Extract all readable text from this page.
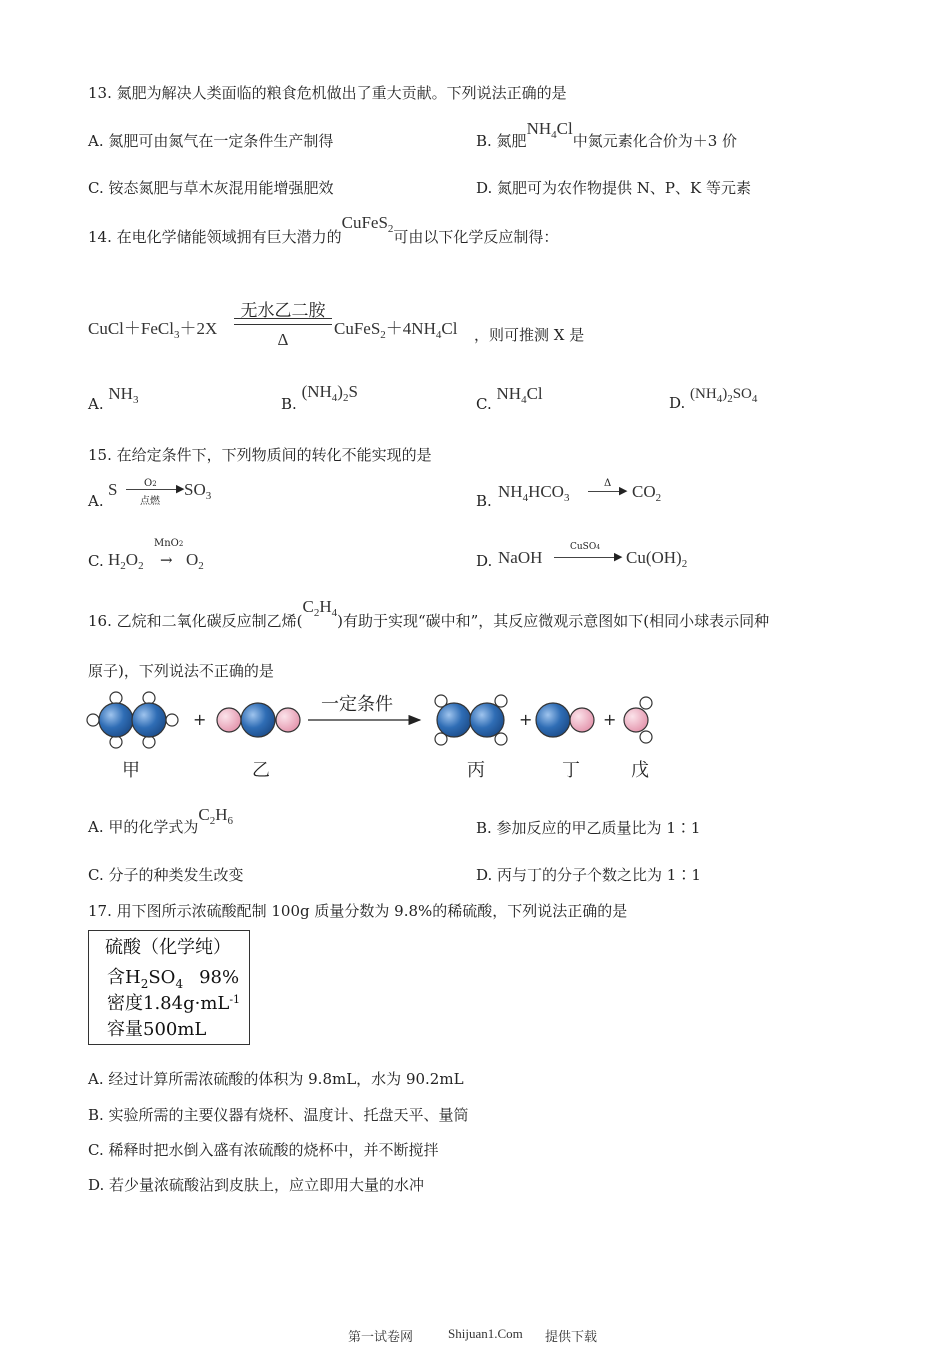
13. 氮肥为解决人类面临的粮食危机做出了重大贡献。下列说法正确的是
A. 氮肥可由氮气在一定条件生产制得	B. 氮肥$NH_4Cl$中氮元素化合价为＋3 价
C. 铵态氮肥与草木灰混用能增强肥效	D. 氮肥可为农作物提供 N、P、K 等元素
14. 在电化学储能领域拥有巨大潜力的CuFeS$_2$可由以下化学反应制得：
CuCl＋FeCl$_3$＋2X
无水乙二胺
Δ
$CuFeS_2+4NH_4Cl$ ，则可推测 X 是
A. $NH_3$	B. $(NH_4)_2S$
C. $NH_4Cl$	D. $(NH_4)_2SO_4$
15. 在给定条件下，下列物质间的转化不能实现的是
A.
S	O2 ▶
点燃
$SO_3$	B. $NH_4HCO_3$
Δ
▶ $CO_2$
C. $H_2O_2$
MnO2
→ $O_2$	D. NaOH
CuSO4
▶ $Cu(OH)_2$
16. 乙烷和二氧化碳反应制乙烯$(C_2H_4)$有助于实现“碳中和”，其反应微观示意图如下(相同小球表示同种
原子)，下列说法不正确的是
+
一定条件
+	+
甲	乙	丙	丁	戊
A. 甲的化学式为$C_2H_6$	B. 参加反应的甲乙质量比为 1∶1
C. 分子的种类发生改变	D. 丙与丁的分子个数之比为 1∶1
17. 用下图所示浓硫酸配制 100g 质量分数为 9.8%的稀硫酸，下列说法正确的是
硫酸（化学纯）
含$H_2SO_4$ 98%
密度$1.84g\cdot mL^{-1}$
容量500mL
A. 经过计算所需浓硫酸的体积为 9.8mL，水为 90.2mL
B. 实验所需的主要仪器有烧杯、温度计、托盘天平、量筒
C. 稀释时把水倒入盛有浓硫酸的烧杯中，并不断搅拌
D. 若少量浓硫酸沾到皮肤上，应立即用大量的水冲
第一试卷网	Shijuan1.Com 提供下载
